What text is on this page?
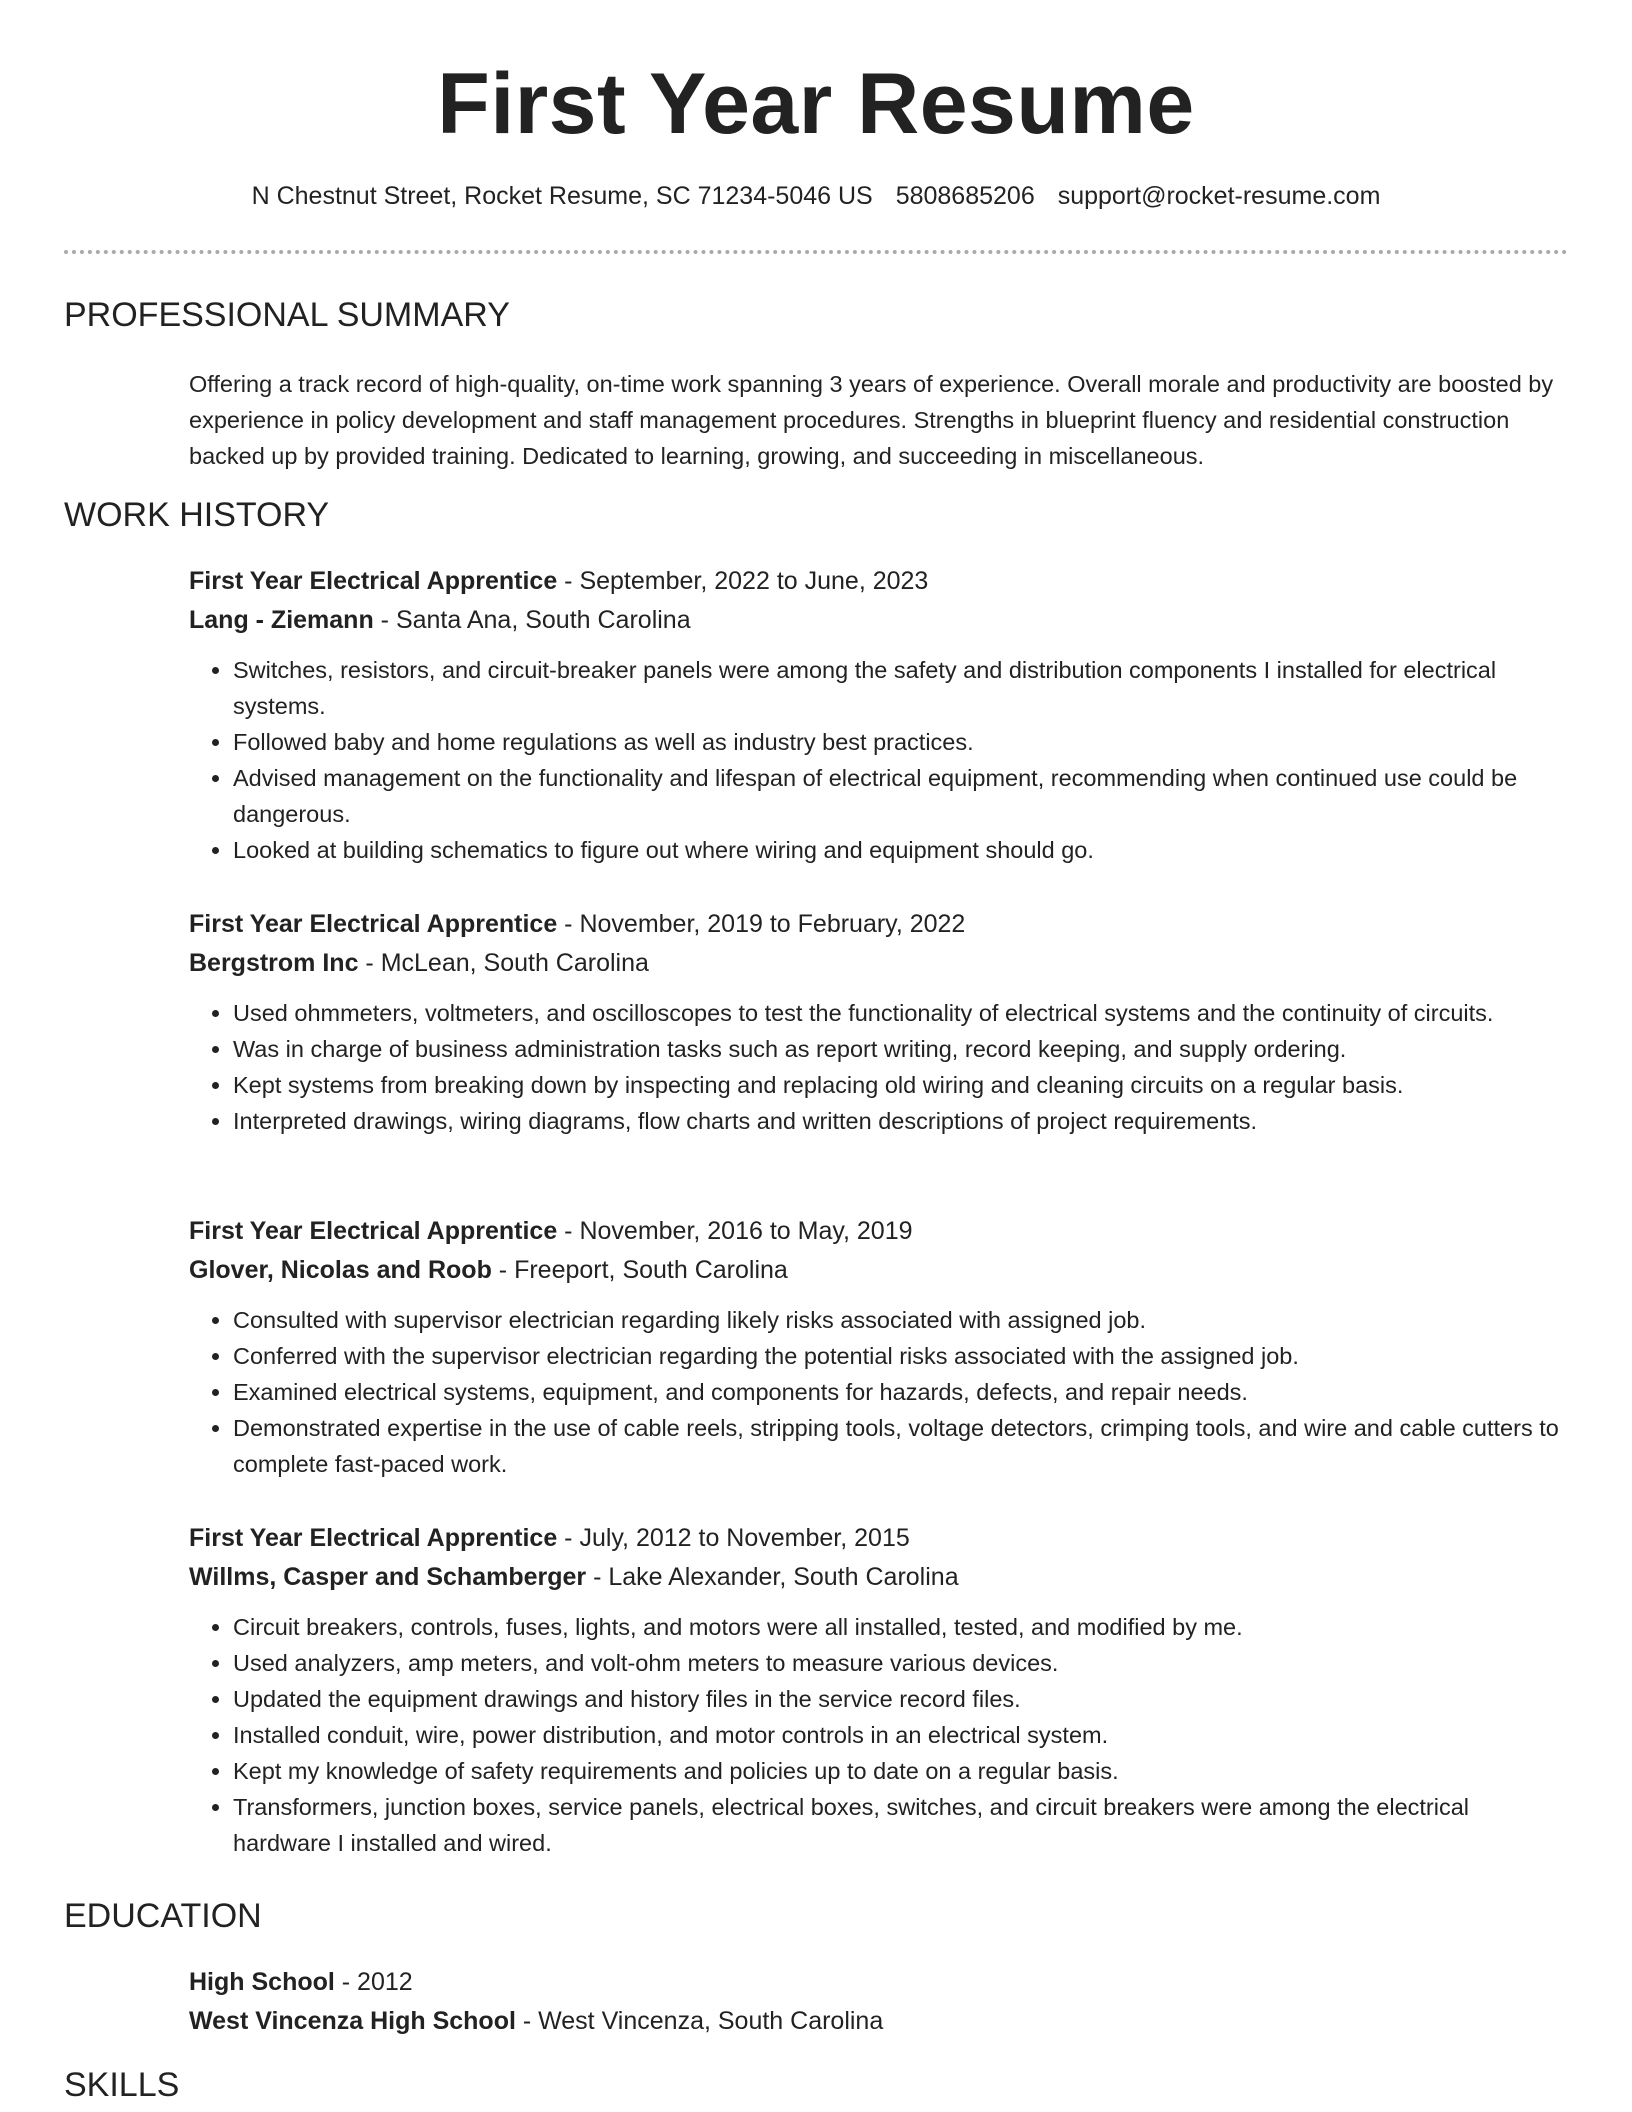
First Year Resume

N Chestnut Street, Rocket Resume, SC 71234-5046 US 5808685206 support@rocket-resume.com

PROFESSIONAL SUMMARY

Offering a track record of high-quality, on-time work spanning 3 years of experience. Overall morale and productivity are boosted by experience in policy development and staff management procedures. Strengths in blueprint fluency and residential construction backed up by provided training. Dedicated to learning, growing, and succeeding in miscellaneous.

WORK HISTORY

First Year Electrical Apprentice - September, 2022 to June, 2023

Lang - Ziemann - Santa Ana, South Carolina

• Switches, resistors, and circuit-breaker panels were among the safety and distribution components I installed for electrical systems.
• Followed baby and home regulations as well as industry best practices.
• Advised management on the functionality and lifespan of electrical equipment, recommending when continued use could be dangerous.
• Looked at building schematics to figure out where wiring and equipment should go.

First Year Electrical Apprentice - November, 2019 to February, 2022

Bergstrom Inc - McLean, South Carolina

• Used ohmmeters, voltmeters, and oscilloscopes to test the functionality of electrical systems and the continuity of circuits.
• Was in charge of business administration tasks such as report writing, record keeping, and supply ordering.
• Kept systems from breaking down by inspecting and replacing old wiring and cleaning circuits on a regular basis.
• Interpreted drawings, wiring diagrams, flow charts and written descriptions of project requirements.

First Year Electrical Apprentice - November, 2016 to May, 2019

Glover, Nicolas and Roob - Freeport, South Carolina

• Consulted with supervisor electrician regarding likely risks associated with assigned job.
• Conferred with the supervisor electrician regarding the potential risks associated with the assigned job.
• Examined electrical systems, equipment, and components for hazards, defects, and repair needs.
• Demonstrated expertise in the use of cable reels, stripping tools, voltage detectors, crimping tools, and wire and cable cutters to complete fast-paced work.

First Year Electrical Apprentice - July, 2012 to November, 2015

Willms, Casper and Schamberger - Lake Alexander, South Carolina

• Circuit breakers, controls, fuses, lights, and motors were all installed, tested, and modified by me.
• Used analyzers, amp meters, and volt-ohm meters to measure various devices.
• Updated the equipment drawings and history files in the service record files.
• Installed conduit, wire, power distribution, and motor controls in an electrical system.
• Kept my knowledge of safety requirements and policies up to date on a regular basis.
• Transformers, junction boxes, service panels, electrical boxes, switches, and circuit breakers were among the electrical hardware I installed and wired.
EDUCATION

High School - 2012

West Vincenza High School - West Vincenza, South Carolina

SKILLS
